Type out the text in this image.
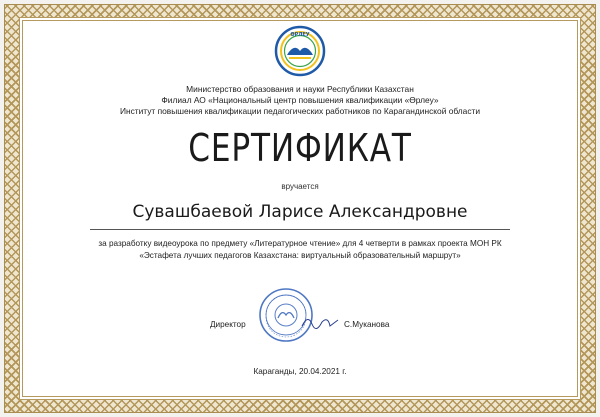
ӨРЛЕУ
Министерство образования и науки Республики Казахстан
Филиал АО «Национальный центр повышения квалификации «Өрлеу»
Институт повышения квалификации педагогических работников по Карагандинской области
СЕРТИФИКАТ
вручается
Сувашбаевой Ларисе Александровне
за разработку видеоурока по предмету «Литературное чтение» для 4 четверти в рамках проекта МОН РК
«Эстафета лучших педагогов Казахстана: виртуальный образовательный маршрут»
Директор	С.Муканова
Караганды, 20.04.2021 г.
